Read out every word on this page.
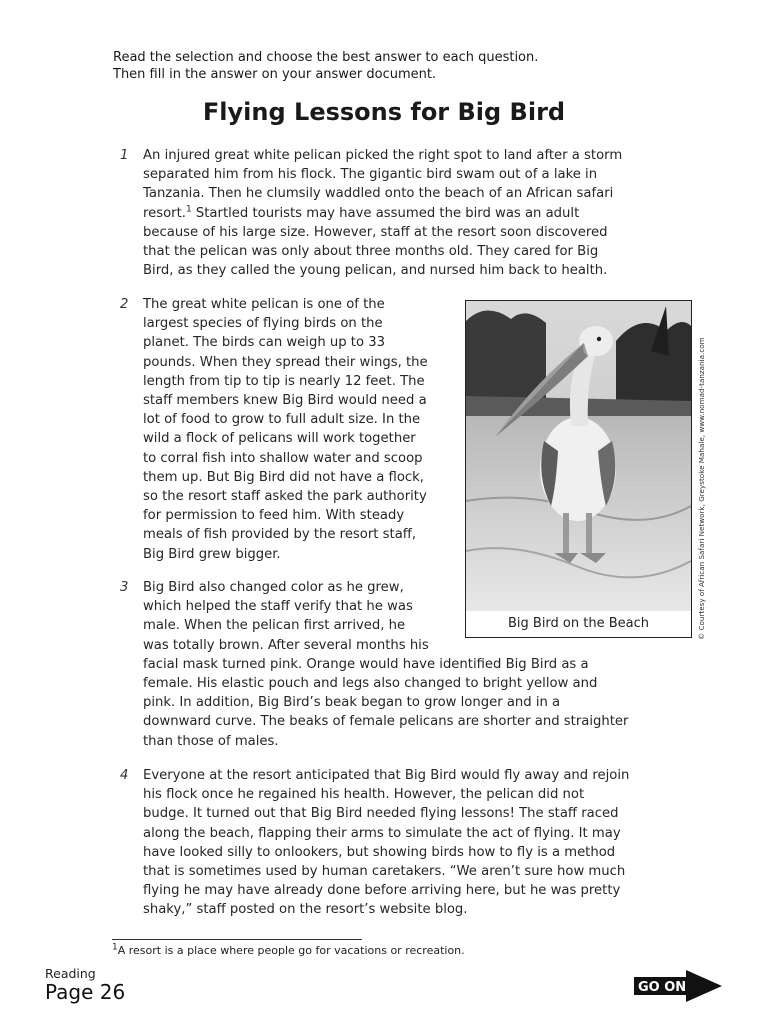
Read the selection and choose the best answer to each question.
Then fill in the answer on your answer document.
Flying Lessons for Big Bird
1 An injured great white pelican picked the right spot to land after a storm
separated him from his flock. The gigantic bird swam out of a lake in
Tanzania. Then he clumsily waddled onto the beach of an African safari
resort.$^1$ Startled tourists may have assumed the bird was an adult
because of his large size. However, staff at the resort soon discovered
that the pelican was only about three months old. They cared for Big
Bird, as they called the young pelican, and nursed him back to health.
2 The great white pelican is one of the
largest species of flying birds on the
planet. The birds can weigh up to 33
pounds. When they spread their wings, the
length from tip to tip is nearly 12 feet. The
staff members knew Big Bird would need a
lot of food to grow to full adult size. In the
wild a flock of pelicans will work together
to corral fish into shallow water and scoop
them up. But Big Bird did not have a flock,
so the resort staff asked the park authority
for permission to feed him. With steady
meals of fish provided by the resort staff,
Big Bird grew bigger.
3 Big Bird also changed color as he grew,
which helped the staff verify that he was
male. When the pelican first arrived, he
was totally brown. After several months his
facial mask turned pink. Orange would have identified Big Bird as a
female. His elastic pouch and legs also changed to bright yellow and
pink. In addition, Big Bird’s beak began to grow longer and in a
downward curve. The beaks of female pelicans are shorter and straighter
than those of males.
4 Everyone at the resort anticipated that Big Bird would fly away and rejoin
his flock once he regained his health. However, the pelican did not
budge. It turned out that Big Bird needed flying lessons! The staff raced
along the beach, flapping their arms to simulate the act of flying. It may
have looked silly to onlookers, but showing birds how to fly is a method
that is sometimes used by human caretakers. “We aren’t sure how much
flying he may have already done before arriving here, but he was pretty
shaky,” staff posted on the resort’s website blog.
Big Bird on the Beach	© Courtesy of African Safari Network, Greystoke Mahale, www.nomad-tanzania.com
$^1$A resort is a place where people go for vacations or recreation.
Reading
Page 26	GO ON
